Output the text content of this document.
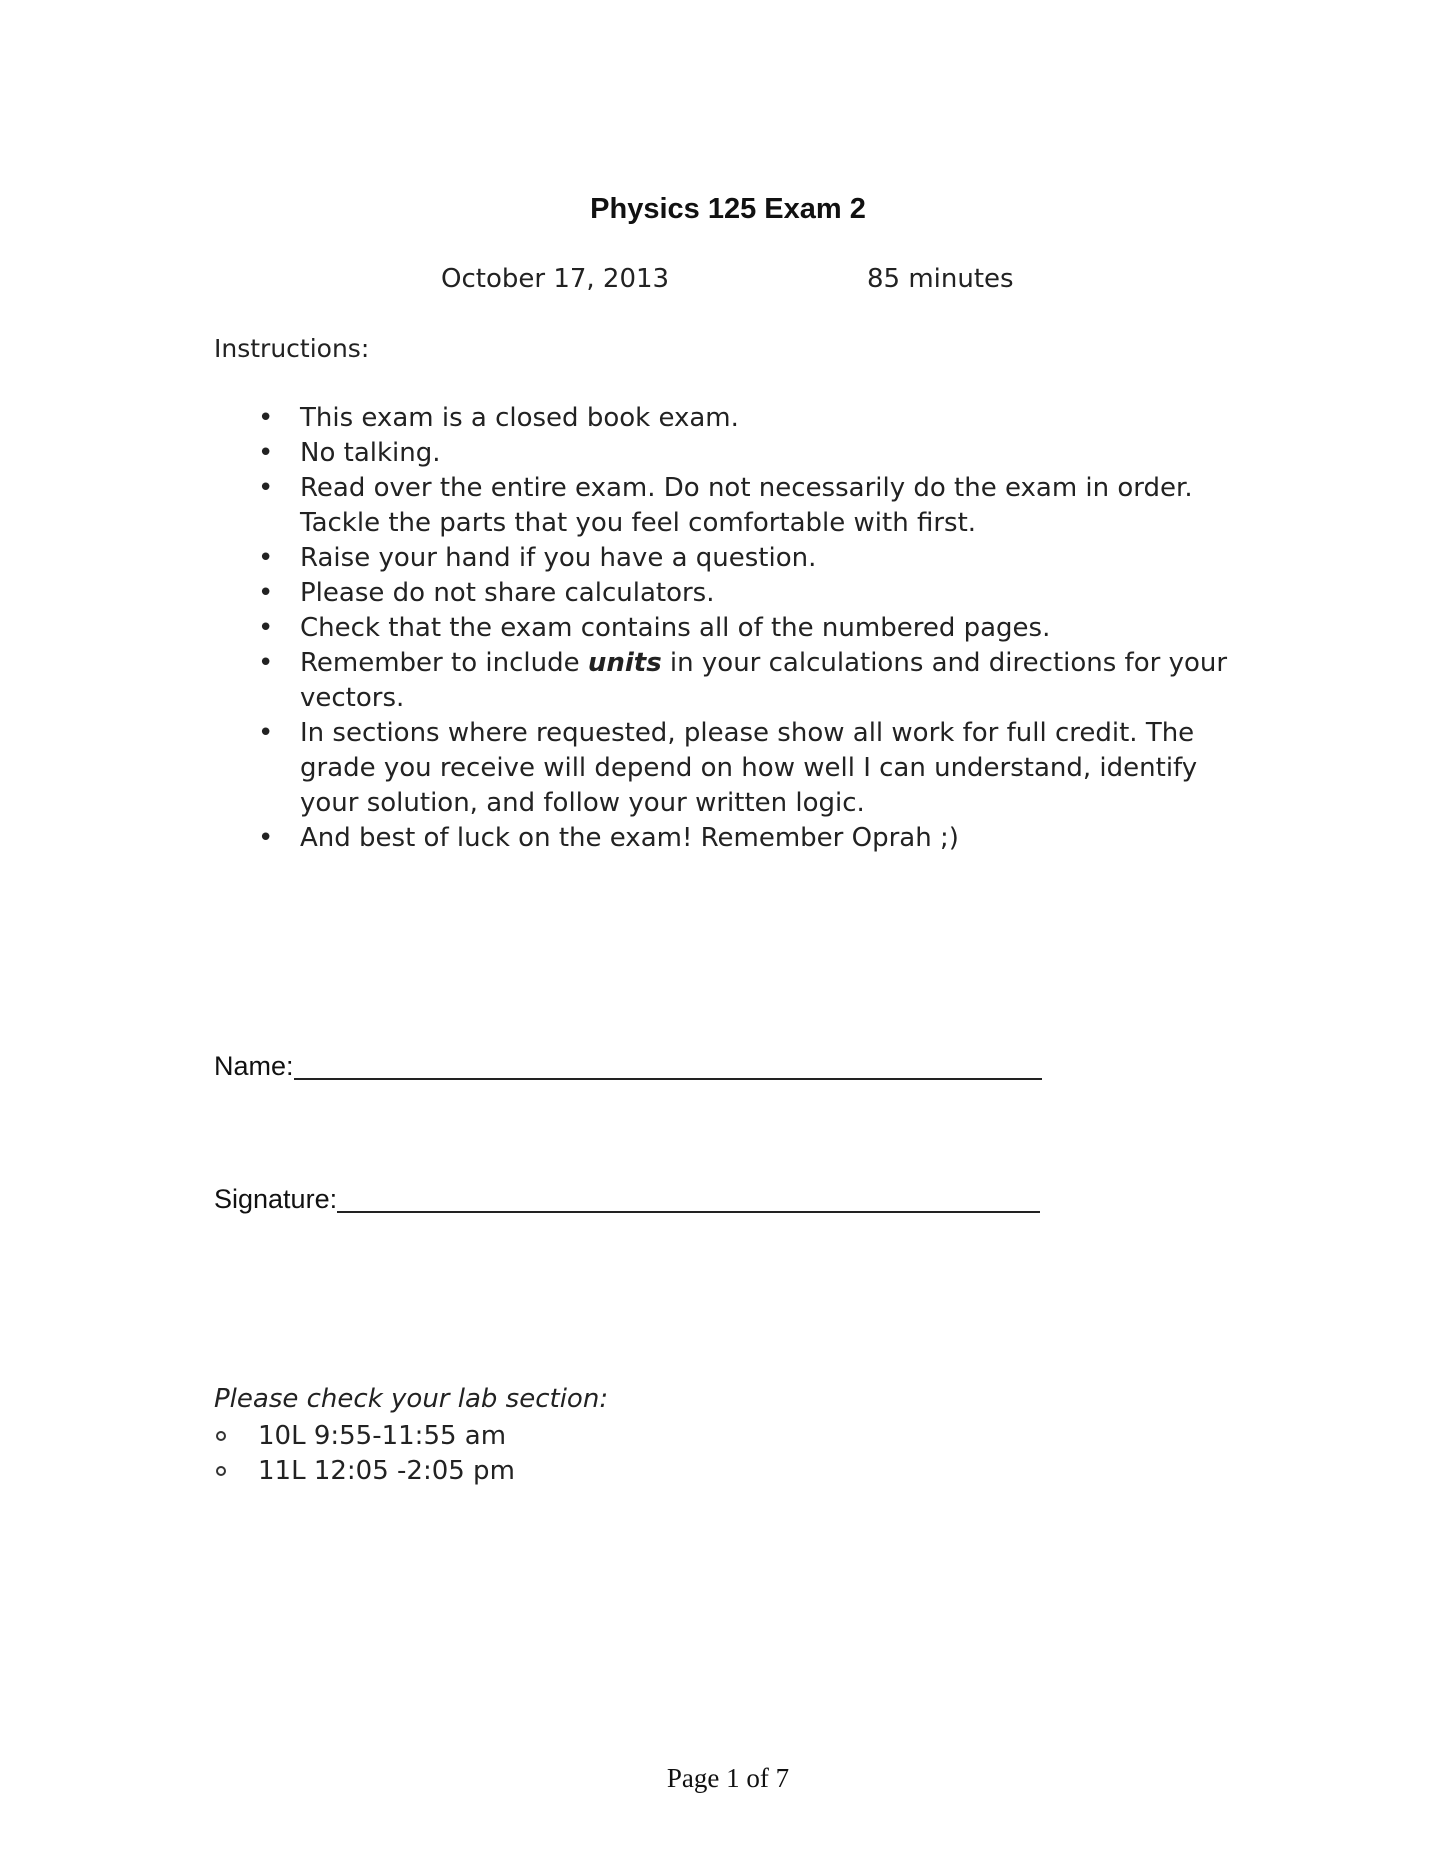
Physics 125 Exam 2
October 17, 2013	85 minutes
Instructions:
• This exam is a closed book exam.
• No talking.
• Read over the entire exam. Do not necessarily do the exam in order. Tackle the parts that you feel comfortable with first.
• Raise your hand if you have a question.
• Please do not share calculators.
• Check that the exam contains all of the numbered pages.
• Remember to include units in your calculations and directions for your vectors.
• In sections where requested, please show all work for full credit. The grade you receive will depend on how well I can understand, identify your solution, and follow your written logic.
• And best of luck on the exam! Remember Oprah ;)
Name:
Signature:
Please check your lab section:
10L 9:55-11:55 am
11L 12:05 -2:05 pm
Page 1 of 7
